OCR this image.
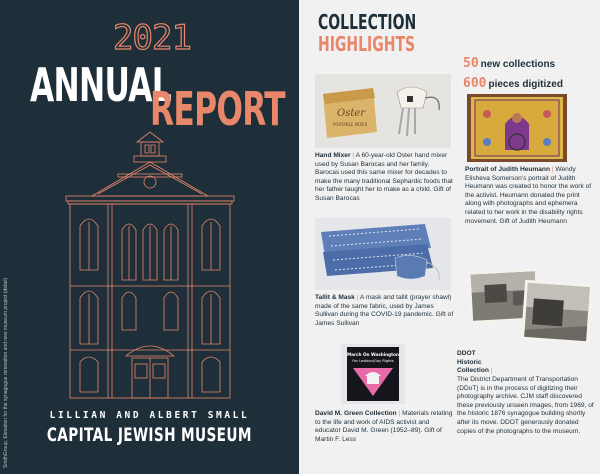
2021
ANNUAL
REPORT
LILLIAN AND ALBERT SMALL
CAPITAL JEWISH MUSEUM
SmithGroup, Elevation for the synagogue renovation and new museum project (detail)
COLLECTION
HIGHLIGHTS
50 new collections
600 pieces digitized
Oster
PORTABLE MIXER
Hand Mixer | A 60-year-old Oster hand mixer used by Susan Barocas and her family. Barocas used this same mixer for decades to make the many traditional Sephardic foods that her father taught her to make as a child. Gift of Susan Barocas
Portrait of Judith Heumann | Wendy Elisheva Somerson's portrait of Judith Heumann was created to honor the work of the activist. Heumann donated the print along with photographs and ephemera related to her work in the disability rights movement. Gift of Judith Heumann
Tallit & Mask | A mask and tallit (prayer shawl) made of the same fabric, used by James Sullivan during the COVID-19 pandemic. Gift of James Sullivan
DDOT Historic Collection |
The District Department of Transportation (DDoT) is in the process of digitizing their photography archive. CJM staff discovered these previously unseen images, from 1969, of the historic 1876 synagogue building shortly after its move. DDOT generously donated copies of the photographs to the museum.
March On Washington
For Lesbian/Gay Rights
David M. Green Collection | Materials relating to the life and work of AIDS activist and educator David M. Green (1952–89). Gift of Martin F. Less
